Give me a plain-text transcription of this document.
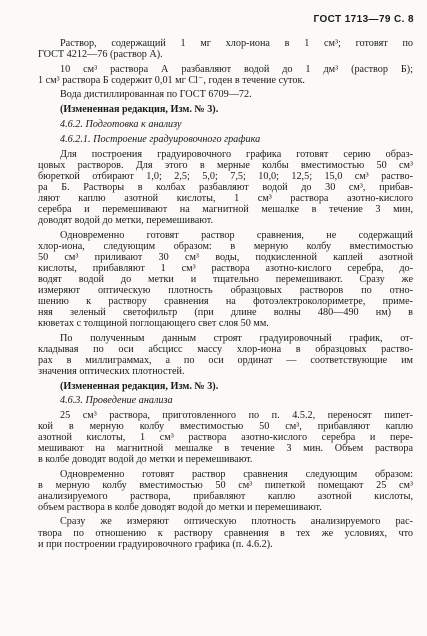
ГОСТ 1713—79 С. 8

Раствор, содержащий 1 мг хлор-иона в 1 см³; готовят по
ГОСТ 4212—76 (раствор А).

10 см³ раствора А разбавляют водой до 1 дм³ (раствор Б);
1 см³ раствора Б содержит 0,01 мг Cl⁻, годен в течение суток.

Вода дистиллированная по ГОСТ 6709—72.

(Измененная редакция, Изм. № 3).

4.6.2. Подготовка к анализу

4.6.2.1. Построение градуировочного графика

Для построения градуировочного графика готовят серию образ-
цовых растворов. Для этого в мерные колбы вместимостью 50 см³
бюреткой отбирают 1,0; 2,5; 5,0; 7,5; 10,0; 12,5; 15,0 см³ раство-
ра Б. Растворы в колбах разбавляют водой до 30 см³, прибав-
ляют каплю азотной кислоты, 1 см³ раствора азотно-кислого
серебра и перемешивают на магнитной мешалке в течение 3 мин,
доводят водой до метки, перемешивают.

Одновременно готовят раствор сравнения, не содержащий
хлор-иона, следующим образом: в мерную колбу вместимостью
50 см³ приливают 30 см³ воды, подкисленной каплей азотной
кислоты, прибавляют 1 см³ раствора азотно-кислого серебра, до-
водят водой до метки и тщательно перемешивают. Сразу же
измеряют оптическую плотность образцовых растворов по отно-
шению к раствору сравнения на фотоэлектроколориметре, приме-
няя зеленый светофильтр (при длине волны 480—490 нм) в
кюветах с толщиной поглощающего свет слоя 50 мм.

По полученным данным строят градуировочный график, от-
кладывая по оси абсцисс массу хлор-иона в образцовых раство-
рах в миллиграммах, а по оси ординат — соответствующие им
значения оптических плотностей.

(Измененная редакция, Изм. № 3).

4.6.3. Проведение анализа

25 см³ раствора, приготовленного по п. 4.5.2, переносят пипет-
кой в мерную колбу вместимостью 50 см³, прибавляют каплю
азотной кислоты, 1 см³ раствора азотно-кислого серебра и пере-
мешивают на магнитной мешалке в течение 3 мин. Объем раствора
в колбе доводят водой до метки и перемешивают.

Одновременно готовят раствор сравнения следующим образом:
в мерную колбу вместимостью 50 см³ пипеткой помещают 25 см³
анализируемого раствора, прибавляют каплю азотной кислоты,
объем раствора в колбе доводят водой до метки и перемешивают.

Сразу же измеряют оптическую плотность анализируемого рас-
твора по отношению к раствору сравнения в тех же условиях, что
и при построении градуировочного графика (п. 4.6.2).
